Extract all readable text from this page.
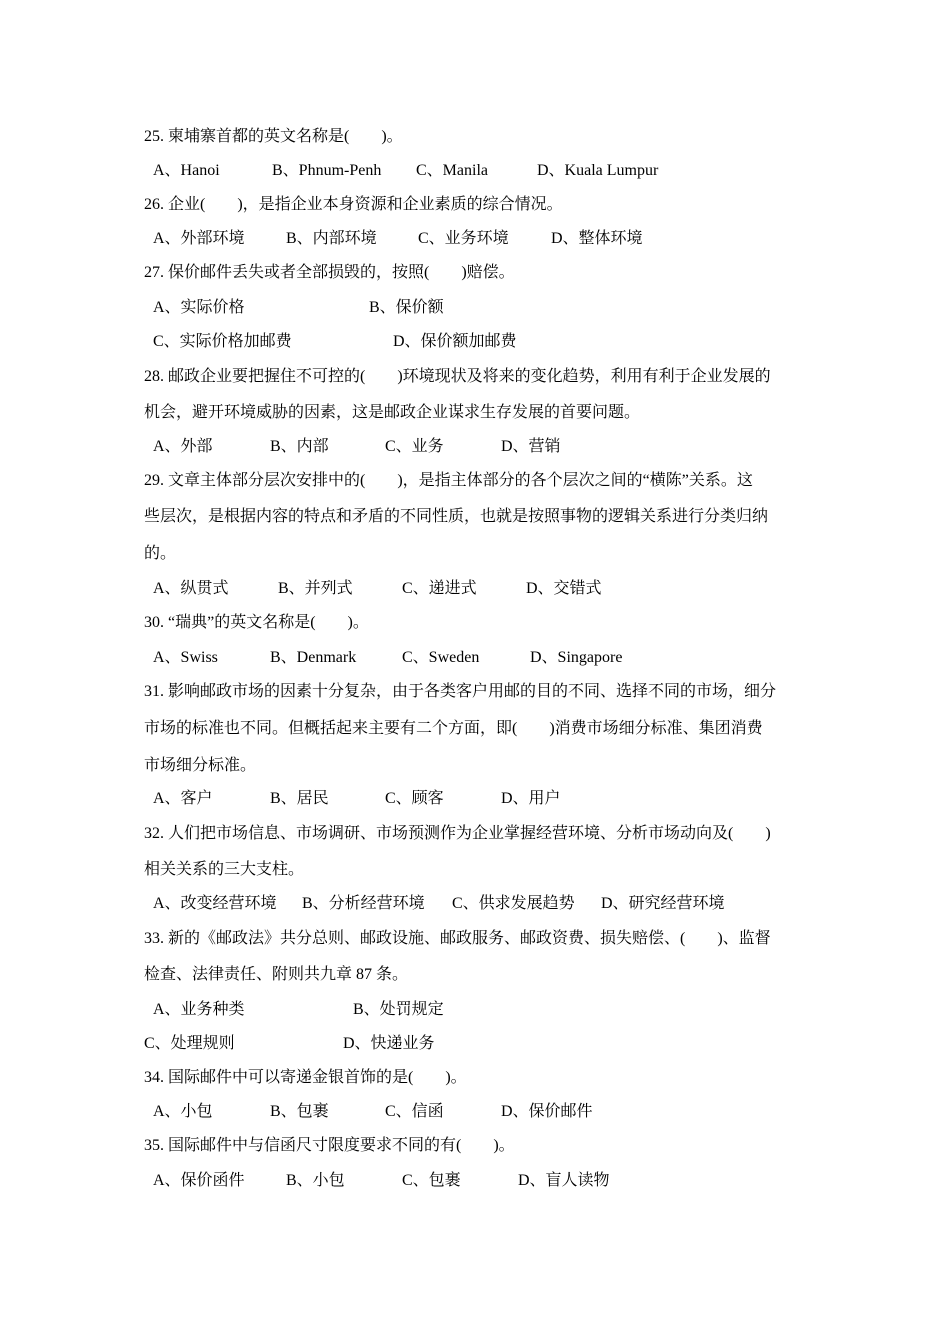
25. 柬埔寨首都的英文名称是(        )。
A、Hanoi	B、Phnum-Penh C、Manila	D、Kuala Lumpur
26. 企业(        )，是指企业本身资源和企业素质的综合情况。
A、外部环境	B、内部环境	C、业务环境	D、整体环境
27. 保价邮件丢失或者全部损毁的，按照(        )赔偿。
A、实际价格	B、保价额
C、实际价格加邮费	D、保价额加邮费
28. 邮政企业要把握住不可控的(        )环境现状及将来的变化趋势，利用有利于企业发展的
机会，避开环境威胁的因素，这是邮政企业谋求生存发展的首要问题。
A、外部	B、内部	C、业务	D、营销
29. 文章主体部分层次安排中的(        )，是指主体部分的各个层次之间的“横陈”关系。这
些层次，是根据内容的特点和矛盾的不同性质，也就是按照事物的逻辑关系进行分类归纳
的。
A、纵贯式	B、并列式	C、递进式	D、交错式
30. “瑞典”的英文名称是(        )。
A、Swiss	B、Denmark	C、Sweden	D、Singapore
31. 影响邮政市场的因素十分复杂，由于各类客户用邮的目的不同、选择不同的市场，细分
市场的标准也不同。但概括起来主要有二个方面，即(        )消费市场细分标准、集团消费
市场细分标准。
A、客户	B、居民	C、顾客	D、用户
32. 人们把市场信息、市场调研、市场预测作为企业掌握经营环境、分析市场动向及(        )
相关关系的三大支柱。
A、改变经营环境 B、分析经营环境 C、供求发展趋势 D、研究经营环境
33. 新的《邮政法》共分总则、邮政设施、邮政服务、邮政资费、损失赔偿、(        )、监督
检查、法律责任、附则共九章 87 条。
A、业务种类	B、处罚规定
C、处理规则	D、快递业务
34. 国际邮件中可以寄递金银首饰的是(        )。
A、小包	B、包裹	C、信函	D、保价邮件
35. 国际邮件中与信函尺寸限度要求不同的有(        )。
A、保价函件	B、小包	C、包裹	D、盲人读物
